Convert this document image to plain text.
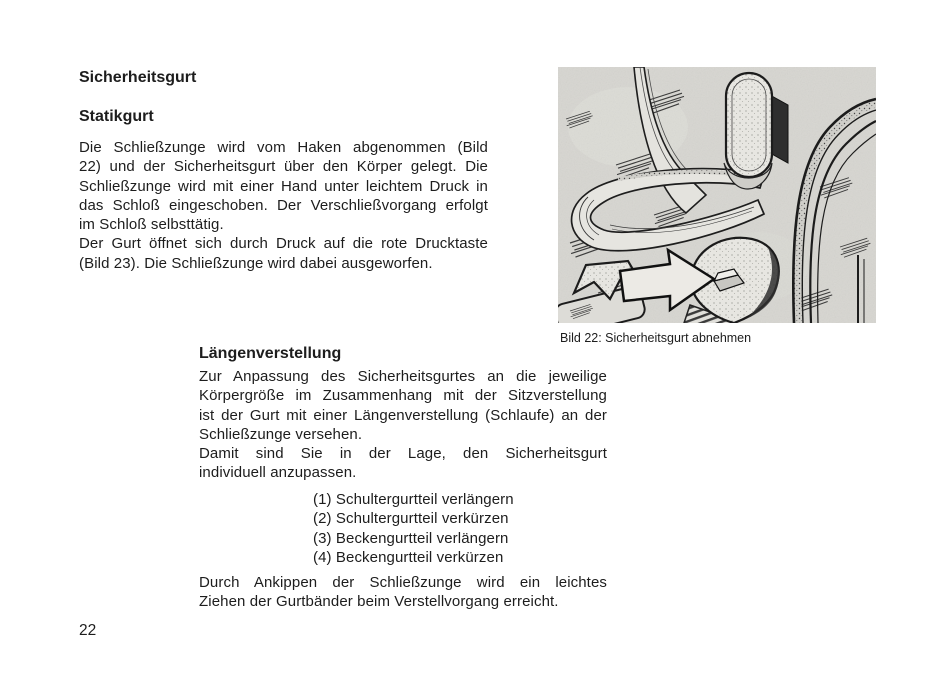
Sicherheitsgurt
Statikgurt
Die Schließzunge wird vom Haken abgenommen (Bild
22) und der Sicherheitsgurt über den Körper gelegt. Die
Schließzunge wird mit einer Hand unter leichtem Druck in
das Schloß eingeschoben. Der Verschließvorgang erfolgt
im Schloß selbsttätig.
Der Gurt öffnet sich durch Druck auf die rote Drucktaste
(Bild 23). Die Schließzunge wird dabei ausgeworfen.
Bild 22: Sicherheitsgurt abnehmen
Längenverstellung
Zur Anpassung des Sicherheitsgurtes an die jeweilige
Körpergröße im Zusammenhang mit der Sitzverstellung
ist der Gurt mit einer Längenverstellung (Schlaufe) an der
Schließzunge versehen.
Damit sind Sie in der Lage, den Sicherheitsgurt
individuell anzupassen.
(1) Schultergurtteil verlängern
(2) Schultergurtteil verkürzen
(3) Beckengurtteil verlängern
(4) Beckengurtteil verkürzen
Durch Ankippen der Schließzunge wird ein leichtes
Ziehen der Gurtbänder beim Verstellvorgang erreicht.
22
